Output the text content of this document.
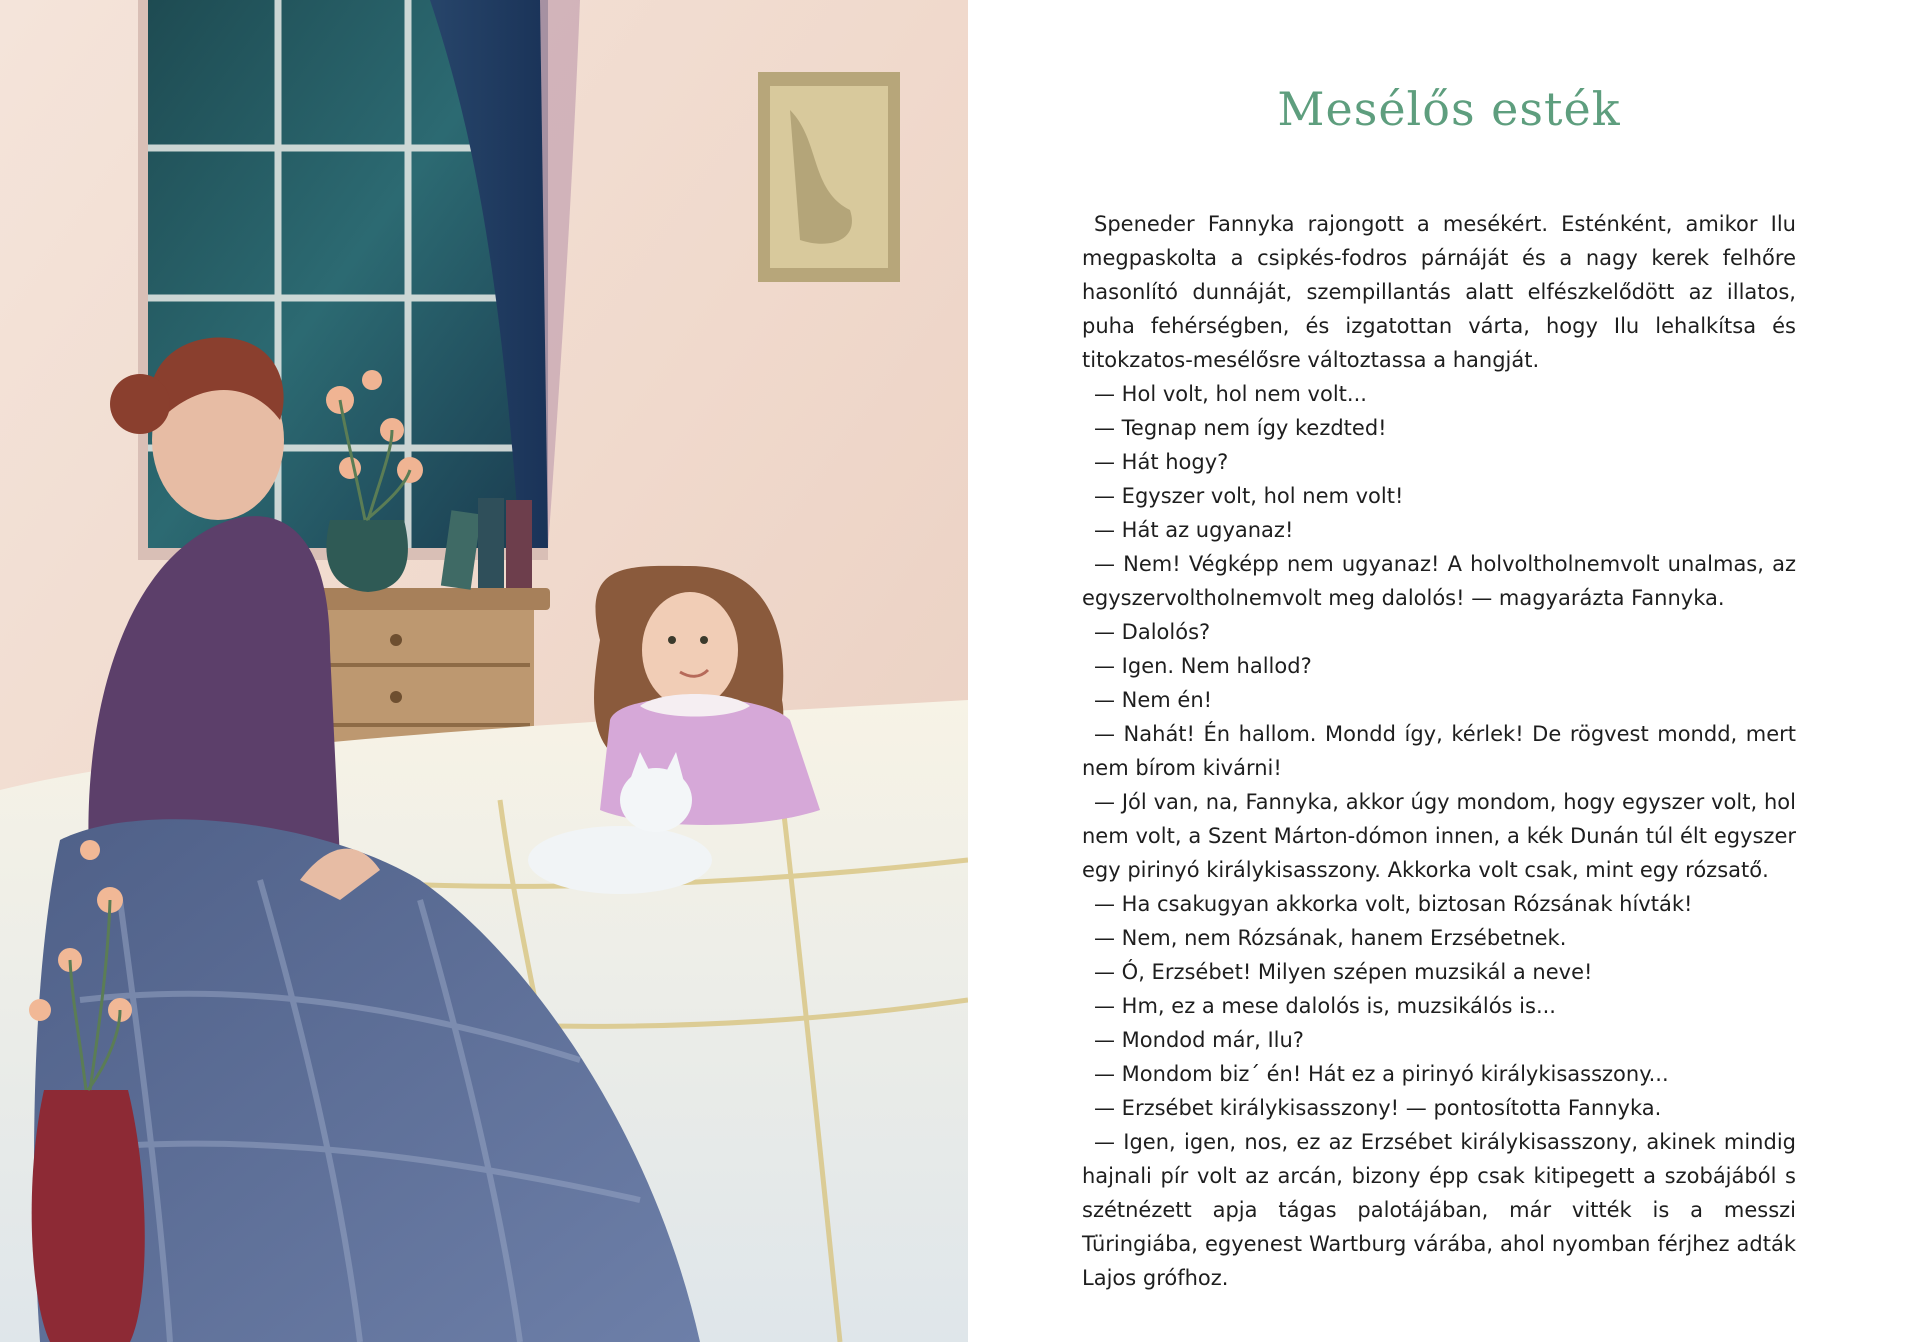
Mesélős esték

Speneder Fannyka rajongott a mesékért. Esténként, amikor Ilu megpaskolta a csipkés-fodros párnáját és a nagy kerek felhőre hasonlító dunnáját, szempillantás alatt elfészkelődött az illatos, puha fehérségben, és izgatottan várta, hogy Ilu lehalkítsa és titokzatos-mesélősre változtassa a hangját.

— Hol volt, hol nem volt...

— Tegnap nem így kezdted!

— Hát hogy?

— Egyszer volt, hol nem volt!

— Hát az ugyanaz!

— Nem! Végképp nem ugyanaz! A holvoltholnemvolt unalmas, az egyszervoltholnemvolt meg dalolós! — magyarázta Fannyka.

— Dalolós?

— Igen. Nem hallod?

— Nem én!

— Nahát! Én hallom. Mondd így, kérlek! De rögvest mondd, mert nem bírom kivárni!

— Jól van, na, Fannyka, akkor úgy mondom, hogy egyszer volt, hol nem volt, a Szent Márton-dómon innen, a kék Dunán túl élt egyszer egy pirinyó királykisasszony. Akkorka volt csak, mint egy rózsatő.

— Ha csakugyan akkorka volt, biztosan Rózsának hívták!

— Nem, nem Rózsának, hanem Erzsébetnek.

— Ó, Erzsébet! Milyen szépen muzsikál a neve!

— Hm, ez a mese dalolós is, muzsikálós is...

— Mondod már, Ilu?

— Mondom biz´ én! Hát ez a pirinyó királykisasszony...

— Erzsébet királykisasszony! — pontosította Fannyka.

— Igen, igen, nos, ez az Erzsébet királykisasszony, akinek mindig hajnali pír volt az arcán, bizony épp csak kitipegett a szobájából s szétnézett apja tágas palotájában, már vitték is a messzi Türingiába, egyenest Wartburg várába, ahol nyomban férjhez adták Lajos grófhoz.
